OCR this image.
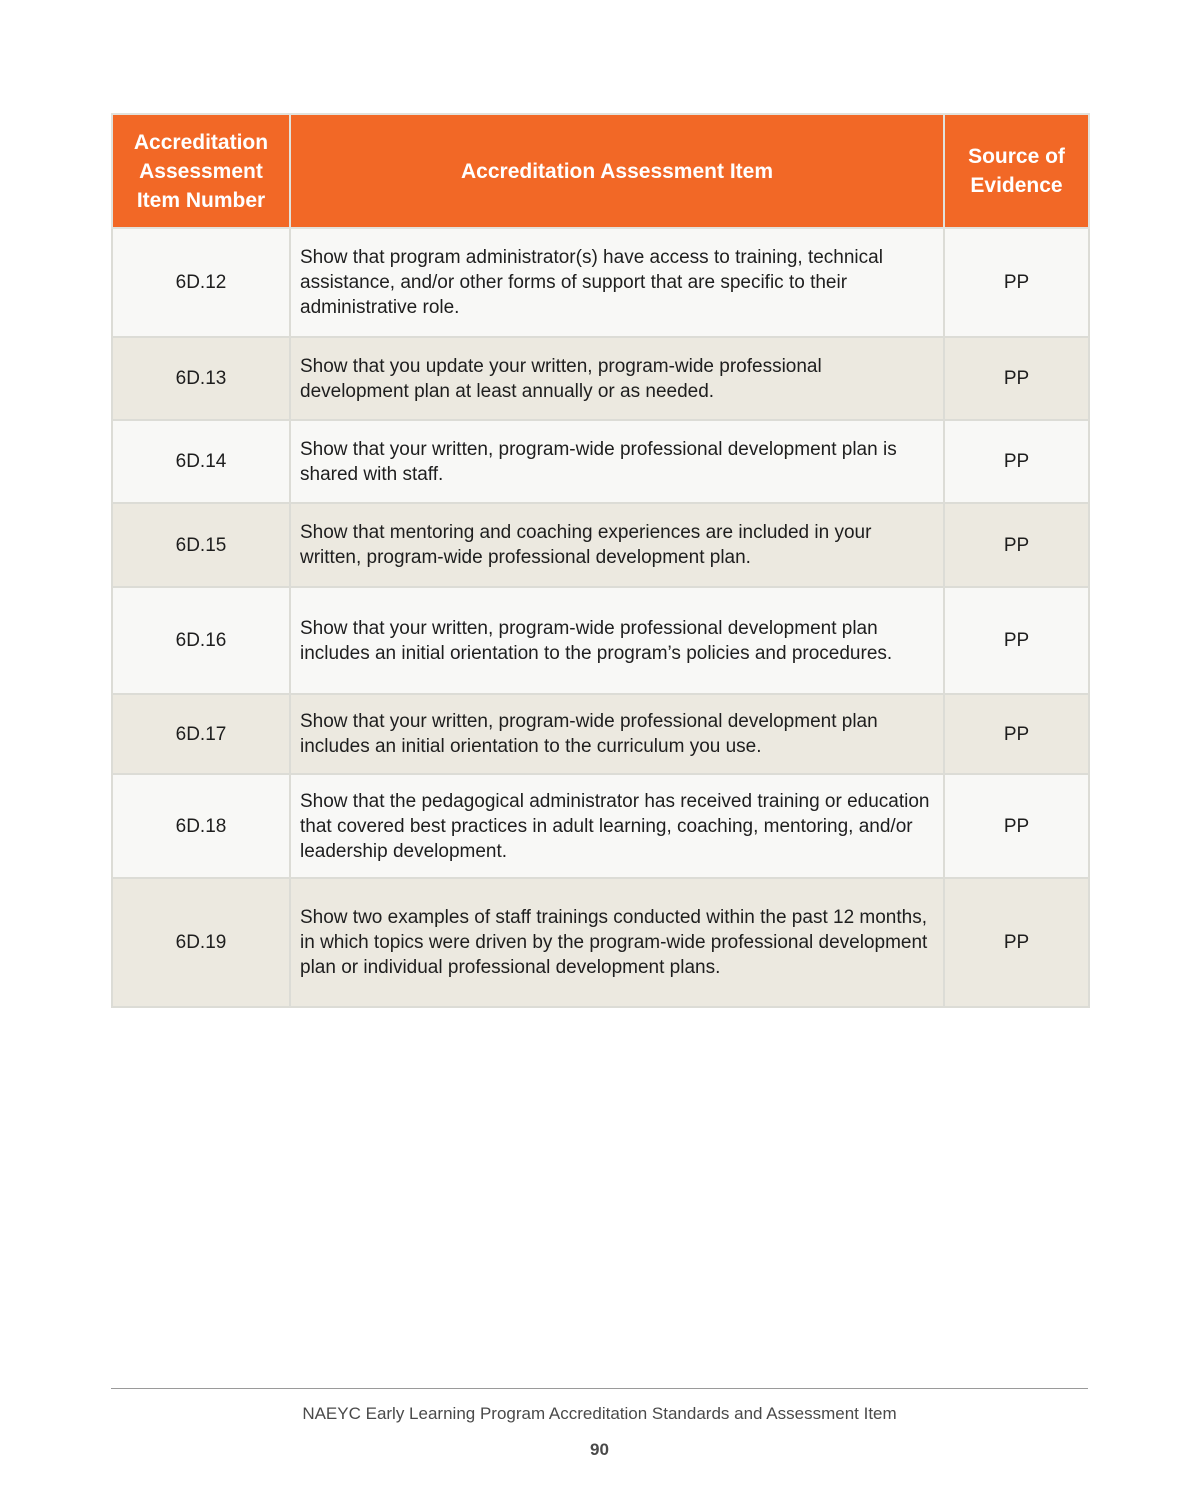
Accreditation Assessment Item Number	Accreditation Assessment Item	Source of Evidence
6D.12	Show that program administrator(s) have access to training, technical assistance, and/or other forms of support that are specific to their administrative role.	PP
6D.13	Show that you update your written, program-wide professional development plan at least annually or as needed.	PP
6D.14	Show that your written, program-wide professional development plan is shared with staff.	PP
6D.15	Show that mentoring and coaching experiences are included in your written, program-wide professional development plan.	PP
6D.16	Show that your written, program-wide professional development plan includes an initial orientation to the program’s policies and procedures.	PP
6D.17	Show that your written, program-wide professional development plan includes an initial orientation to the curriculum you use.	PP
6D.18	Show that the pedagogical administrator has received training or education that covered best practices in adult learning, coaching, mentoring, and/or leadership development.	PP
6D.19	Show two examples of staff trainings conducted within the past 12 months, in which topics were driven by the program-wide professional development plan or individual professional development plans.	PP
NAEYC Early Learning Program Accreditation Standards and Assessment Item
90
